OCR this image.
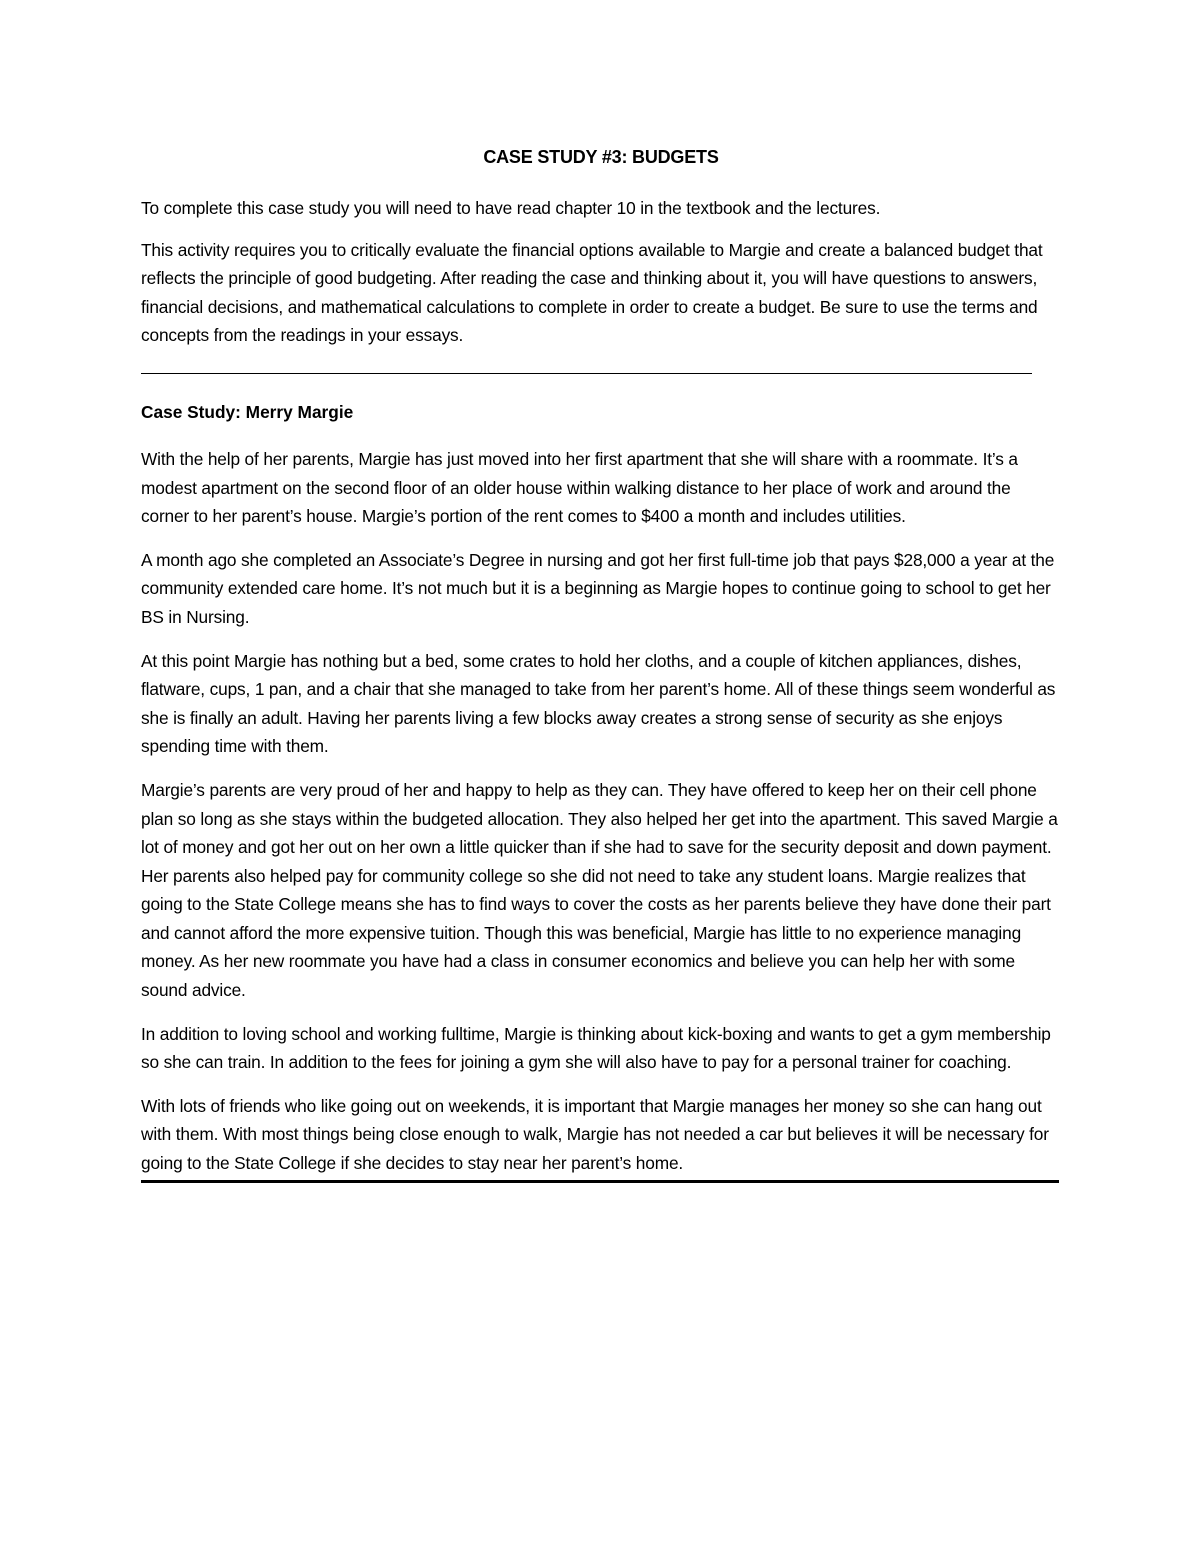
CASE STUDY #3: BUDGETS

To complete this case study you will need to have read chapter 10 in the textbook and the lectures.

This activity requires you to critically evaluate the financial options available to Margie and create a balanced budget that reflects the principle of good budgeting. After reading the case and thinking about it, you will have questions to answers, financial decisions, and mathematical calculations to complete in order to create a budget. Be sure to use the terms and concepts from the readings in your essays.

Case Study: Merry Margie

With the help of her parents, Margie has just moved into her first apartment that she will share with a roommate. It’s a modest apartment on the second floor of an older house within walking distance to her place of work and around the corner to her parent’s house. Margie’s portion of the rent comes to $400 a month and includes utilities.

A month ago she completed an Associate’s Degree in nursing and got her first full-time job that pays $28,000 a year at the community extended care home. It’s not much but it is a beginning as Margie hopes to continue going to school to get her BS in Nursing.

At this point Margie has nothing but a bed, some crates to hold her cloths, and a couple of kitchen appliances, dishes, flatware, cups, 1 pan, and a chair that she managed to take from her parent’s home. All of these things seem wonderful as she is finally an adult. Having her parents living a few blocks away creates a strong sense of security as she enjoys spending time with them.

Margie’s parents are very proud of her and happy to help as they can. They have offered to keep her on their cell phone plan so long as she stays within the budgeted allocation. They also helped her get into the apartment. This saved Margie a lot of money and got her out on her own a little quicker than if she had to save for the security deposit and down payment. Her parents also helped pay for community college so she did not need to take any student loans. Margie realizes that going to the State College means she has to find ways to cover the costs as her parents believe they have done their part and cannot afford the more expensive tuition. Though this was beneficial, Margie has little to no experience managing money. As her new roommate you have had a class in consumer economics and believe you can help her with some sound advice.

In addition to loving school and working fulltime, Margie is thinking about kick-boxing and wants to get a gym membership so she can train. In addition to the fees for joining a gym she will also have to pay for a personal trainer for coaching.

With lots of friends who like going out on weekends, it is important that Margie manages her money so she can hang out with them. With most things being close enough to walk, Margie has not needed a car but believes it will be necessary for going to the State College if she decides to stay near her parent’s home.
